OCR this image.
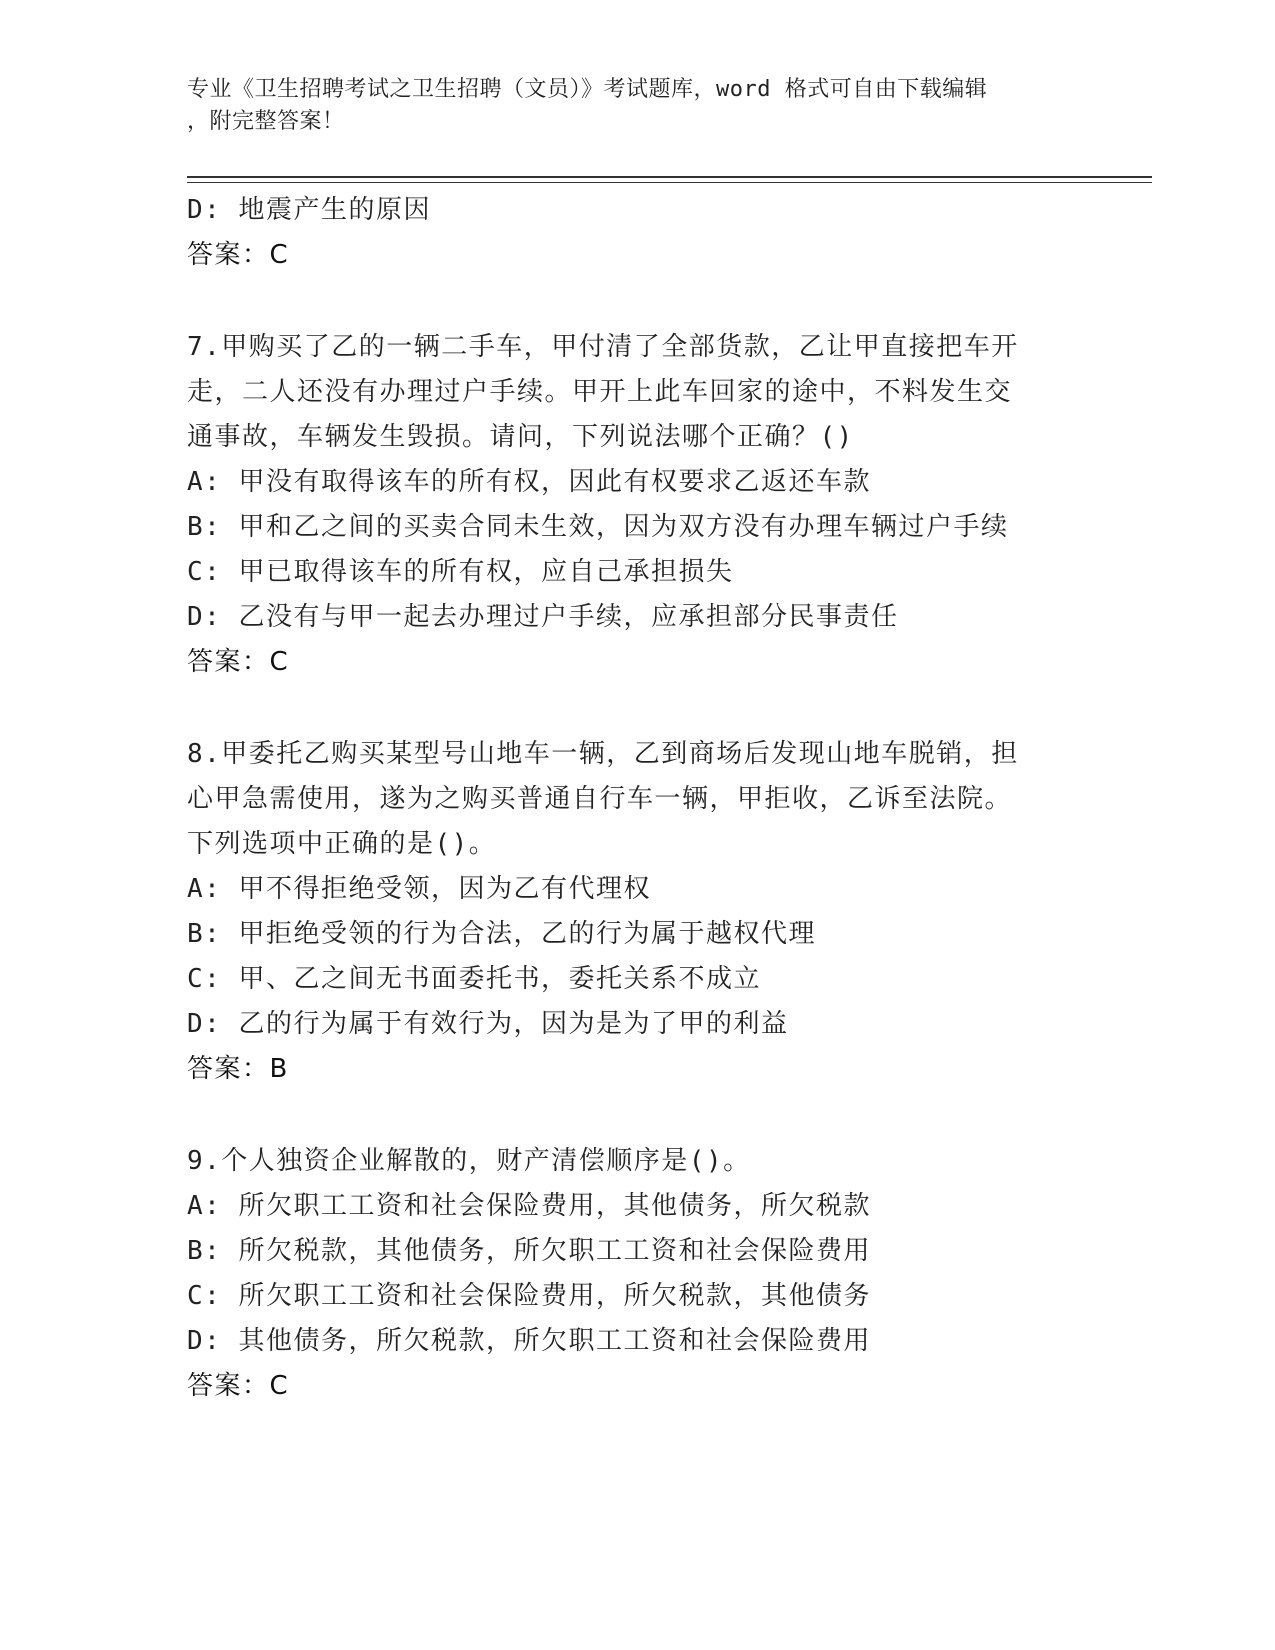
专业《卫生招聘考试之卫生招聘（文员）》考试题库，word 格式可自由下载编辑
，附完整答案！
D: 地震产生的原因
答案：C
7.甲购买了乙的一辆二手车，甲付清了全部货款，乙让甲直接把车开
走，二人还没有办理过户手续。甲开上此车回家的途中，不料发生交
通事故，车辆发生毁损。请问，下列说法哪个正确？()
A: 甲没有取得该车的所有权，因此有权要求乙返还车款
B: 甲和乙之间的买卖合同未生效，因为双方没有办理车辆过户手续
C: 甲已取得该车的所有权，应自己承担损失
D: 乙没有与甲一起去办理过户手续，应承担部分民事责任
答案：C
8.甲委托乙购买某型号山地车一辆，乙到商场后发现山地车脱销，担
心甲急需使用，遂为之购买普通自行车一辆，甲拒收，乙诉至法院。
下列选项中正确的是()。
A: 甲不得拒绝受领，因为乙有代理权
B: 甲拒绝受领的行为合法，乙的行为属于越权代理
C: 甲、乙之间无书面委托书，委托关系不成立
D: 乙的行为属于有效行为，因为是为了甲的利益
答案：B
9.个人独资企业解散的，财产清偿顺序是()。
A: 所欠职工工资和社会保险费用，其他债务，所欠税款
B: 所欠税款，其他债务，所欠职工工资和社会保险费用
C: 所欠职工工资和社会保险费用，所欠税款，其他债务
D: 其他债务，所欠税款，所欠职工工资和社会保险费用
答案：C
